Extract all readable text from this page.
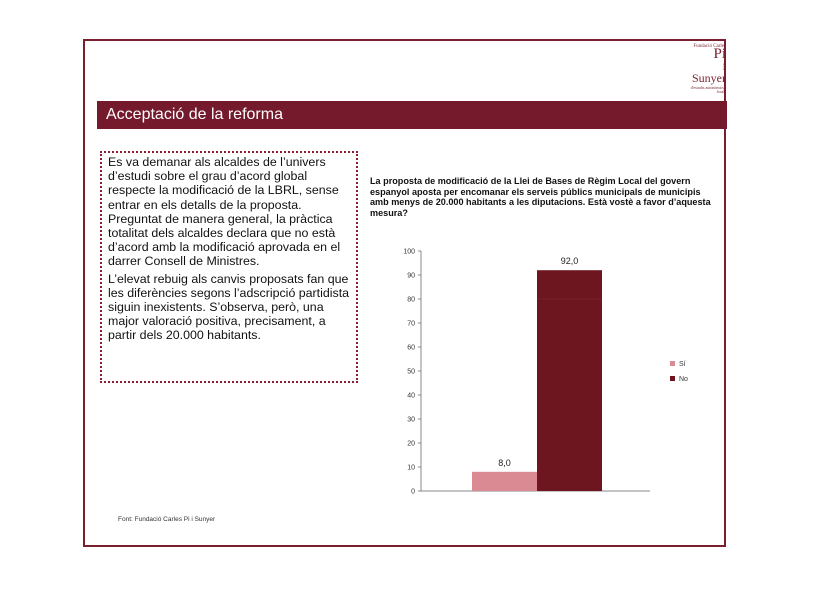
Fundació Carles
Pi
i Sunyer
d'estudis autonòmics i locals
Acceptació de la reforma

Es va demanar als alcaldes de l’univers d’estudi sobre el grau d’acord global respecte la modificació de la LBRL, sense entrar en els detalls de la proposta. Preguntat de manera general, la pràctica totalitat dels alcaldes declara que no està d’acord amb la modificació aprovada en el darrer Consell de Ministres.

L’elevat rebuig als canvis proposats fan que les diferències segons l’adscripció partidista siguin inexistents. S’observa, però, una major valoració positiva, precisament, a partir dels 20.000 habitants.

La proposta de modificació de la Llei de Bases de Règim Local del govern espanyol aposta per encomanar els serveis públics municipals de municipis amb menys de 20.000 habitants a les diputacions. Està vostè a favor d’aquesta mesura?
0
10
20
30
40
50
60
70
80
90
100
8,0
92,0
Sí
No
Font: Fundació Carles Pi i Sunyer
